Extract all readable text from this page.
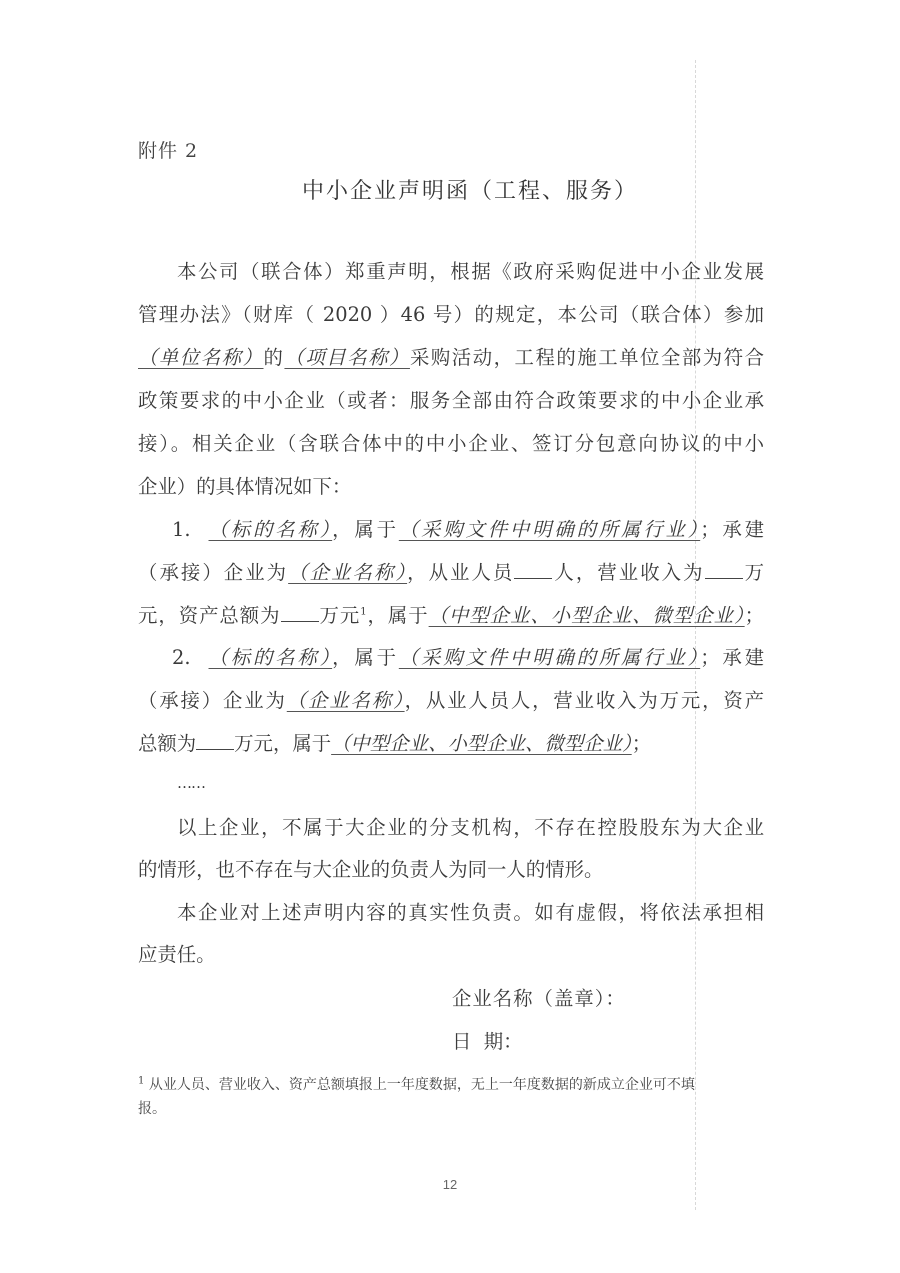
附件 2
中小企业声明函（工程、服务）
本公司（联合体）郑重声明，根据《政府采购促进中小企业发展
管理办法》（财库（ 2020 ）46 号）的规定，本公司（联合体）参加
（单位名称）的（项目名称）采购活动，工程的施工单位全部为符合
政策要求的中小企业（或者：服务全部由符合政策要求的中小企业承
接）。相关企业（含联合体中的中小企业、签订分包意向协议的中小
企业）的具体情况如下：
1. （标的名称），属于（采购文件中明确的所属行业）；承建
（承接）企业为（企业名称），从业人员 人，营业收入为 万
元，资产总额为 万元$^1$，属于（中型企业、小型企业、微型企业）；
2. （标的名称），属于（采购文件中明确的所属行业）；承建
（承接）企业为（企业名称），从业人员人，营业收入为万元，资产
总额为 万元，属于（中型企业、小型企业、微型企业）；
……
以上企业，不属于大企业的分支机构，不存在控股股东为大企业
的情形，也不存在与大企业的负责人为同一人的情形。
本企业对上述声明内容的真实性负责。如有虚假，将依法承担相
应责任。
企业名称（盖章）：
日  期：
$^1$ 从业人员、营业收入、资产总额填报上一年度数据，无上一年度数据的新成立企业可不填
报。
12
